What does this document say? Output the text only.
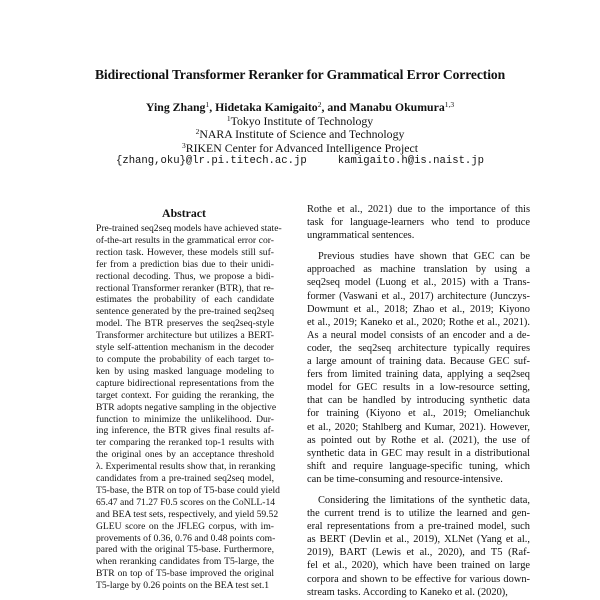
Bidirectional Transformer Reranker for Grammatical Error Correction
Ying Zhang$^1$, Hidetaka Kamigaito$^2$, and Manabu Okumura$^{1,3}$
$^1$Tokyo Institute of Technology
$^2$NARA Institute of Science and Technology
$^3$RIKEN Center for Advanced Intelligence Project
{zhang,oku}@lr.pi.titech.ac.jp	kamigaito.h@is.naist.jp
Abstract
Pre-trained seq2seq models have achieved state-
of-the-art results in the grammatical error cor-
rection task. However, these models still suf-
fer from a prediction bias due to their unidi-
rectional decoding. Thus, we propose a bidi-
rectional Transformer reranker (BTR), that re-
estimates the probability of each candidate
sentence generated by the pre-trained seq2seq
model. The BTR preserves the seq2seq-style
Transformer architecture but utilizes a BERT-
style self-attention mechanism in the decoder
to compute the probability of each target to-
ken by using masked language modeling to
capture bidirectional representations from the
target context. For guiding the reranking, the
BTR adopts negative sampling in the objective
function to minimize the unlikelihood. Dur-
ing inference, the BTR gives final results af-
ter comparing the reranked top-1 results with
the original ones by an acceptance threshold
λ. Experimental results show that, in reranking
candidates from a pre-trained seq2seq model,
T5-base, the BTR on top of T5-base could yield
65.47 and 71.27 F0.5 scores on the CoNLL-14
and BEA test sets, respectively, and yield 59.52
GLEU score on the JFLEG corpus, with im-
provements of 0.36, 0.76 and 0.48 points com-
pared with the original T5-base. Furthermore,
when reranking candidates from T5-large, the
BTR on top of T5-base improved the original
T5-large by 0.26 points on the BEA test set.1
Rothe et al., 2021) due to the importance of this
task for language-learners who tend to produce
ungrammatical sentences.
Previous studies have shown that GEC can be
approached as machine translation by using a
seq2seq model (Luong et al., 2015) with a Trans-
former (Vaswani et al., 2017) architecture (Junczys-
Dowmunt et al., 2018; Zhao et al., 2019; Kiyono
et al., 2019; Kaneko et al., 2020; Rothe et al., 2021).
As a neural model consists of an encoder and a de-
coder, the seq2seq architecture typically requires
a large amount of training data. Because GEC suf-
fers from limited training data, applying a seq2seq
model for GEC results in a low-resource setting,
that can be handled by introducing synthetic data
for training (Kiyono et al., 2019; Omelianchuk
et al., 2020; Stahlberg and Kumar, 2021). However,
as pointed out by Rothe et al. (2021), the use of
synthetic data in GEC may result in a distributional
shift and require language-specific tuning, which
can be time-consuming and resource-intensive.
Considering the limitations of the synthetic data,
the current trend is to utilize the learned and gen-
eral representations from a pre-trained model, such
as BERT (Devlin et al., 2019), XLNet (Yang et al.,
2019), BART (Lewis et al., 2020), and T5 (Raf-
fel et al., 2020), which have been trained on large
corpora and shown to be effective for various down-
stream tasks. According to Kaneko et al. (2020),
